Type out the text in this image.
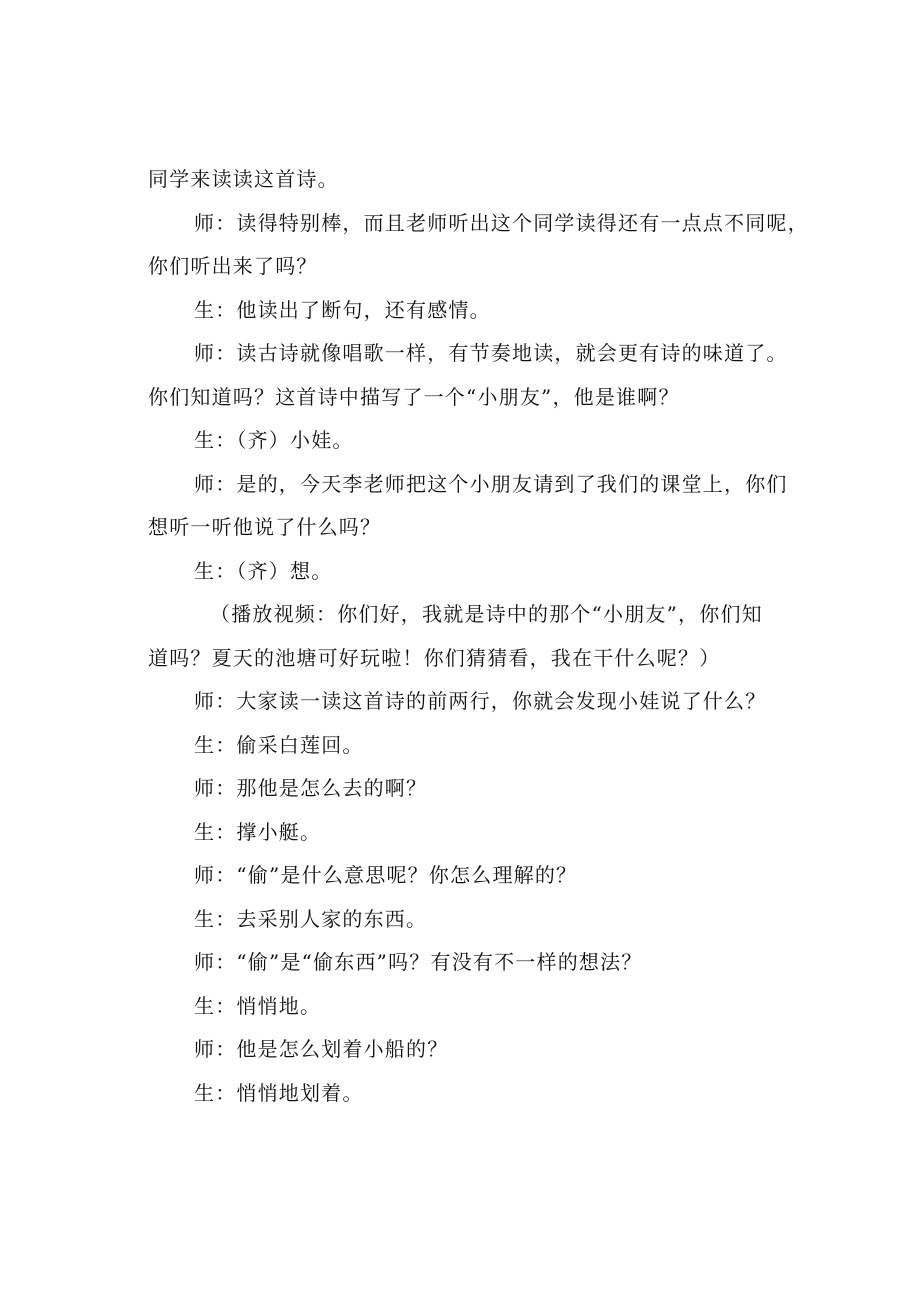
同学来读读这首诗。

师：读得特别棒，而且老师听出这个同学读得还有一点点不同呢，

你们听出来了吗？

生：他读出了断句，还有感情。

师：读古诗就像唱歌一样，有节奏地读，就会更有诗的味道了。

你们知道吗？这首诗中描写了一个“小朋友”，他是谁啊？

生：（齐）小娃。

师：是的，今天李老师把这个小朋友请到了我们的课堂上，你们

想听一听他说了什么吗？

生：（齐）想。

（播放视频：你们好，我就是诗中的那个“小朋友”，你们知

道吗？夏天的池塘可好玩啦！你们猜猜看，我在干什么呢？）

师：大家读一读这首诗的前两行，你就会发现小娃说了什么？

生：偷采白莲回。

师：那他是怎么去的啊？

生：撑小艇。

师：“偷”是什么意思呢？你怎么理解的？

生：去采别人家的东西。

师：“偷”是“偷东西”吗？有没有不一样的想法？

生：悄悄地。

师：他是怎么划着小船的？

生：悄悄地划着。
